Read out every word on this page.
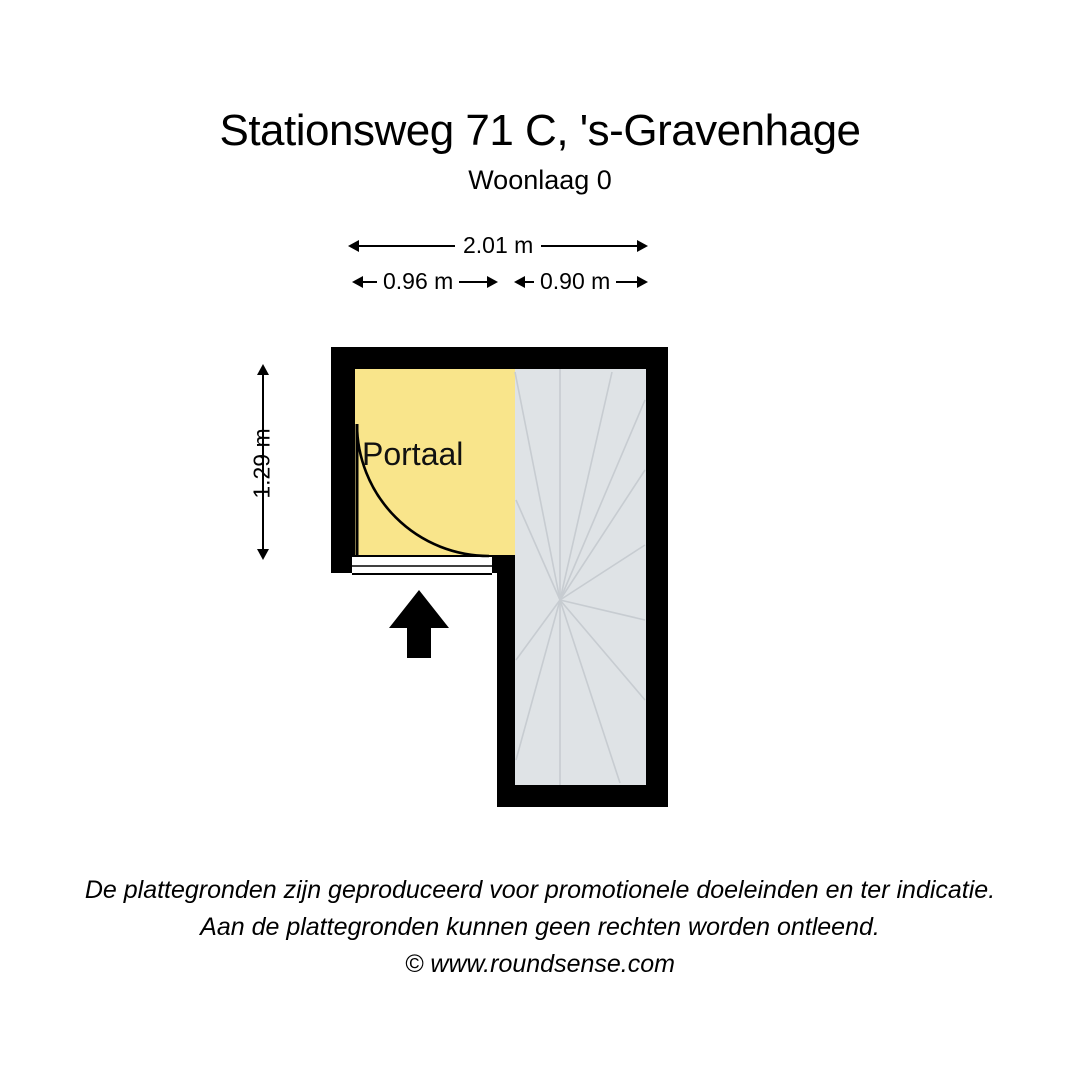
Stationsweg 71 C, 's-Gravenhage
Woonlaag 0
2.01 m
0.96 m	0.90 m
1.29 m	Portaal
De plattegronden zijn geproduceerd voor promotionele doeleinden en ter indicatie.
Aan de plattegronden kunnen geen rechten worden ontleend.
© www.roundsense.com
